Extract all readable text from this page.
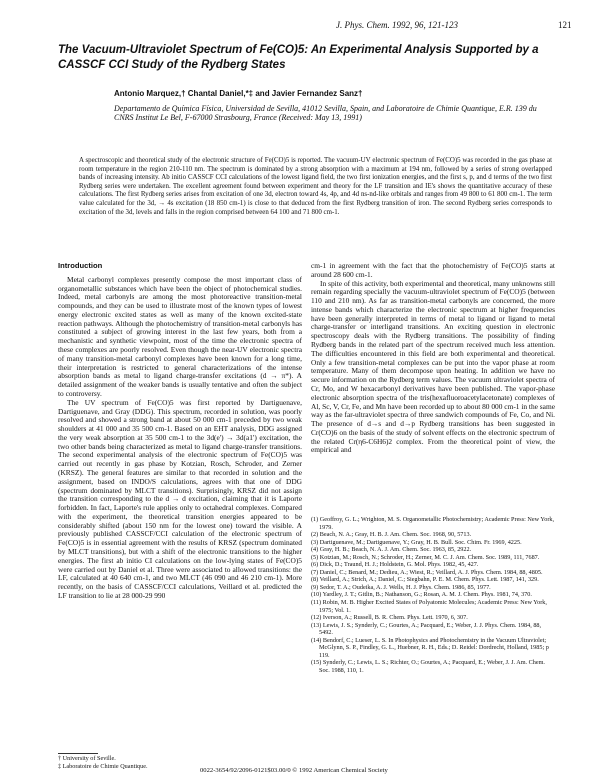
J. Phys. Chem. 1992, 96, 121-123	121
The Vacuum-Ultraviolet Spectrum of Fe(CO)5: An Experimental Analysis Supported by a CASSCF CCI Study of the Rydberg States
Antonio Marquez,† Chantal Daniel,*‡ and Javier Fernandez Sanz†
Departamento de Química Física, Universidad de Sevilla, 41012 Sevilla, Spain, and Laboratoire de Chimie Quantique, E.R. 139 du CNRS Institut Le Bel, F-67000 Strasbourg, France (Received: May 13, 1991)
A spectroscopic and theoretical study of the electronic structure of Fe(CO)5 is reported. The vacuum-UV electronic spectrum of Fe(CO)5 was recorded in the gas phase at room temperature in the region 210-110 nm. The spectrum is dominated by a strong absorption with a maximum at 194 nm, followed by a series of strong overlapped bands of increasing intensity. Ab initio CASSCF CCI calculations of the lowest ligand field, the two first ionization energies, and the first s, p, and d terms of the two first Rydberg series were undertaken. The excellent agreement found between experiment and theory for the LF transition and IE's shows the quantitative accuracy of these calculations. The first Rydberg series arises from excitation of one 3d, electron toward 4s, 4p, and 4d ns-nd-like orbitals and ranges from 49 800 to 61 800 cm-1. The term value calculated for the 3d, → 4s excitation (18 850 cm-1) is close to that deduced from the first Rydberg transition of iron. The second Rydberg series corresponds to excitation of the 3d, levels and falls in the region comprised between 64 100 and 71 800 cm-1.
Introduction

Metal carbonyl complexes presently compose the most important class of organometallic substances which have been the object of photochemical studies. Indeed, metal carbonyls are among the most photoreactive transition-metal compounds, and they can be used to illustrate most of the known types of lowest energy electronic excited states as well as many of the known excited-state reaction pathways. Although the photochemistry of transition-metal carbonyls has constituted a subject of growing interest in the last few years, both from a mechanistic and synthetic viewpoint, most of the time the electronic spectra of these complexes are poorly resolved. Even though the near-UV electronic spectra of many transition-metal carbonyl complexes have been known for a long time, their interpretation is restricted to general characterizations of the intense absorption bands as metal to ligand charge-transfer excitations (d → π*). A detailed assignment of the weaker bands is usually tentative and often the subject to controversy.

The UV spectrum of Fe(CO)5 was first reported by Dartiguenave, Dartiguenave, and Gray (DDG). This spectrum, recorded in solution, was poorly resolved and showed a strong band at about 50 000 cm-1 preceded by two weak shoulders at 41 000 and 35 500 cm-1. Based on an EHT analysis, DDG assigned the very weak absorption at 35 500 cm-1 to the 3d(e') → 3d(a1') excitation, the two other bands being characterized as metal to ligand charge-transfer transitions. The second experimental analysis of the electronic spectrum of Fe(CO)5 was carried out recently in gas phase by Kotzian, Rosch, Schroder, and Zerner (KRSZ). The general features are similar to that recorded in solution and the assignment, based on INDO/S calculations, agrees with that one of DDG (spectrum dominated by MLCT transitions). Surprisingly, KRSZ did not assign the transition corresponding to the d → d excitation, claiming that it is Laporte forbidden. In fact, Laporte's rule applies only to octahedral complexes. Compared with the experiment, the theoretical transition energies appeared to be considerably shifted (about 150 nm for the lowest one) toward the visible. A previously published CASSCF/CCI calculation of the electronic spectrum of Fe(CO)5 is in essential agreement with the results of KRSZ (spectrum dominated by MLCT transitions), but with a shift of the electronic transitions to the higher energies. The first ab initio CI calculations on the low-lying states of Fe(CO)5 were carried out by Daniel et al. Three were associated to allowed transitions: the LF, calculated at 40 640 cm-1, and two MLCT (46 090 and 46 210 cm-1). More recently, on the basis of CASSCF/CCI calculations, Veillard et al. predicted the LF transition to lie at 28 000-29 990

cm-1 in agreement with the fact that the photochemistry of Fe(CO)5 starts at around 28 600 cm-1.

In spite of this activity, both experimental and theoretical, many unknowns still remain regarding specially the vacuum-ultraviolet spectrum of Fe(CO)5 (between 110 and 210 nm). As far as transition-metal carbonyls are concerned, the more intense bands which characterize the electronic spectrum at higher frequencies have been generally interpreted in terms of metal to ligand or ligand to metal charge-transfer or interligand transitions. An exciting question in electronic spectroscopy deals with the Rydberg transitions. The possibility of finding Rydberg bands in the related part of the spectrum received much less attention. The difficulties encountered in this field are both experimental and theoretical. Only a few transition-metal complexes can be put into the vapor phase at room temperature. Many of them decompose upon heating. In addition we have no secure information on the Rydberg term values. The vacuum ultraviolet spectra of Cr, Mo, and W hexacarbonyl derivatives have been published. The vapor-phase electronic absorption spectra of the tris(hexafluoroacetylacetonate) complexes of Al, Sc, V, Cr, Fe, and Mn have been recorded up to about 80 000 cm-1 in the same way as the far-ultraviolet spectra of three sandwich compounds of Fe, Co, and Ni. The presence of d→s and d→p Rydberg transitions has been suggested in Cr(CO)6 on the basis of the study of solvent effects on the electronic spectrum of the related Cr(η6-C6H6)2 complex. From the theoretical point of view, the empirical and

(1) Geoffroy, G. L.; Wrighton, M. S. Organometallic Photochemistry; Academic Press: New York, 1979.
(2) Beach, N. A.; Gray, H. B. J. Am. Chem. Soc. 1968, 90, 5713.
(3) Dartiguenave, M.; Dartiguenave, Y.; Gray, H. B. Bull. Soc. Chim. Fr. 1969, 4225.
(4) Gray, H. B.; Beach, N. A. J. Am. Chem. Soc. 1963, 85, 2922.
(5) Kotzian, M.; Rosch, N.; Schroder, H.; Zerner, M. C. J. Am. Chem. Soc. 1989, 111, 7687.
(6) Dick, D.; Traund, H. J.; Holdstein, G. Mol. Phys. 1982, 45, 427.
(7) Daniel, C.; Benard, M.; Dedieu, A.; Wiest, R.; Veillard, A. J. Phys. Chem. 1984, 88, 4805.
(8) Veillard, A.; Strich, A.; Daniel, C.; Siegbahn, P. E. M. Chem. Phys. Lett. 1987, 141, 329.
(9) Sedor, T. A.; Oudeika, A. J. Wells, H. J. Phys. Chem. 1986, 85, 1977.
(10) Yardley, J. T.; Gitlin, B.; Nathanson, G.; Rosan, A. M. J. Chem. Phys. 1981, 74, 370.
(11) Robin, M. B. Higher Excited States of Polyatomic Molecules; Academic Press: New York, 1975; Vol. 1.
(12) Iverson, A.; Russell, B. R. Chem. Phys. Lett. 1970, 6, 307.
(13) Lewis, J. S.; Synderly, C.; Gourtes, A.; Pacquard, E.; Weber, J. J. Phys. Chem. 1984, 88, 5492.
(14) Bendorf, C.; Lueser, L. S. In Photophysics and Photochemistry in the Vacuum Ultraviolet; McGlynn, S. P., Findley, G. L., Huebner, R. H., Eds.; D. Reidel: Dordrecht, Holland, 1985; p 119.
(15) Synderly, C.; Lewis, L. S.; Richter, O.; Gourtes, A.; Pacquard, E.; Weber, J. J. Am. Chem. Soc. 1988, 110, 1.
† University of Seville.
‡ Laboratoire de Chimie Quantique.
0022-3654/92/2096-0121$03.00/0 © 1992 American Chemical Society
